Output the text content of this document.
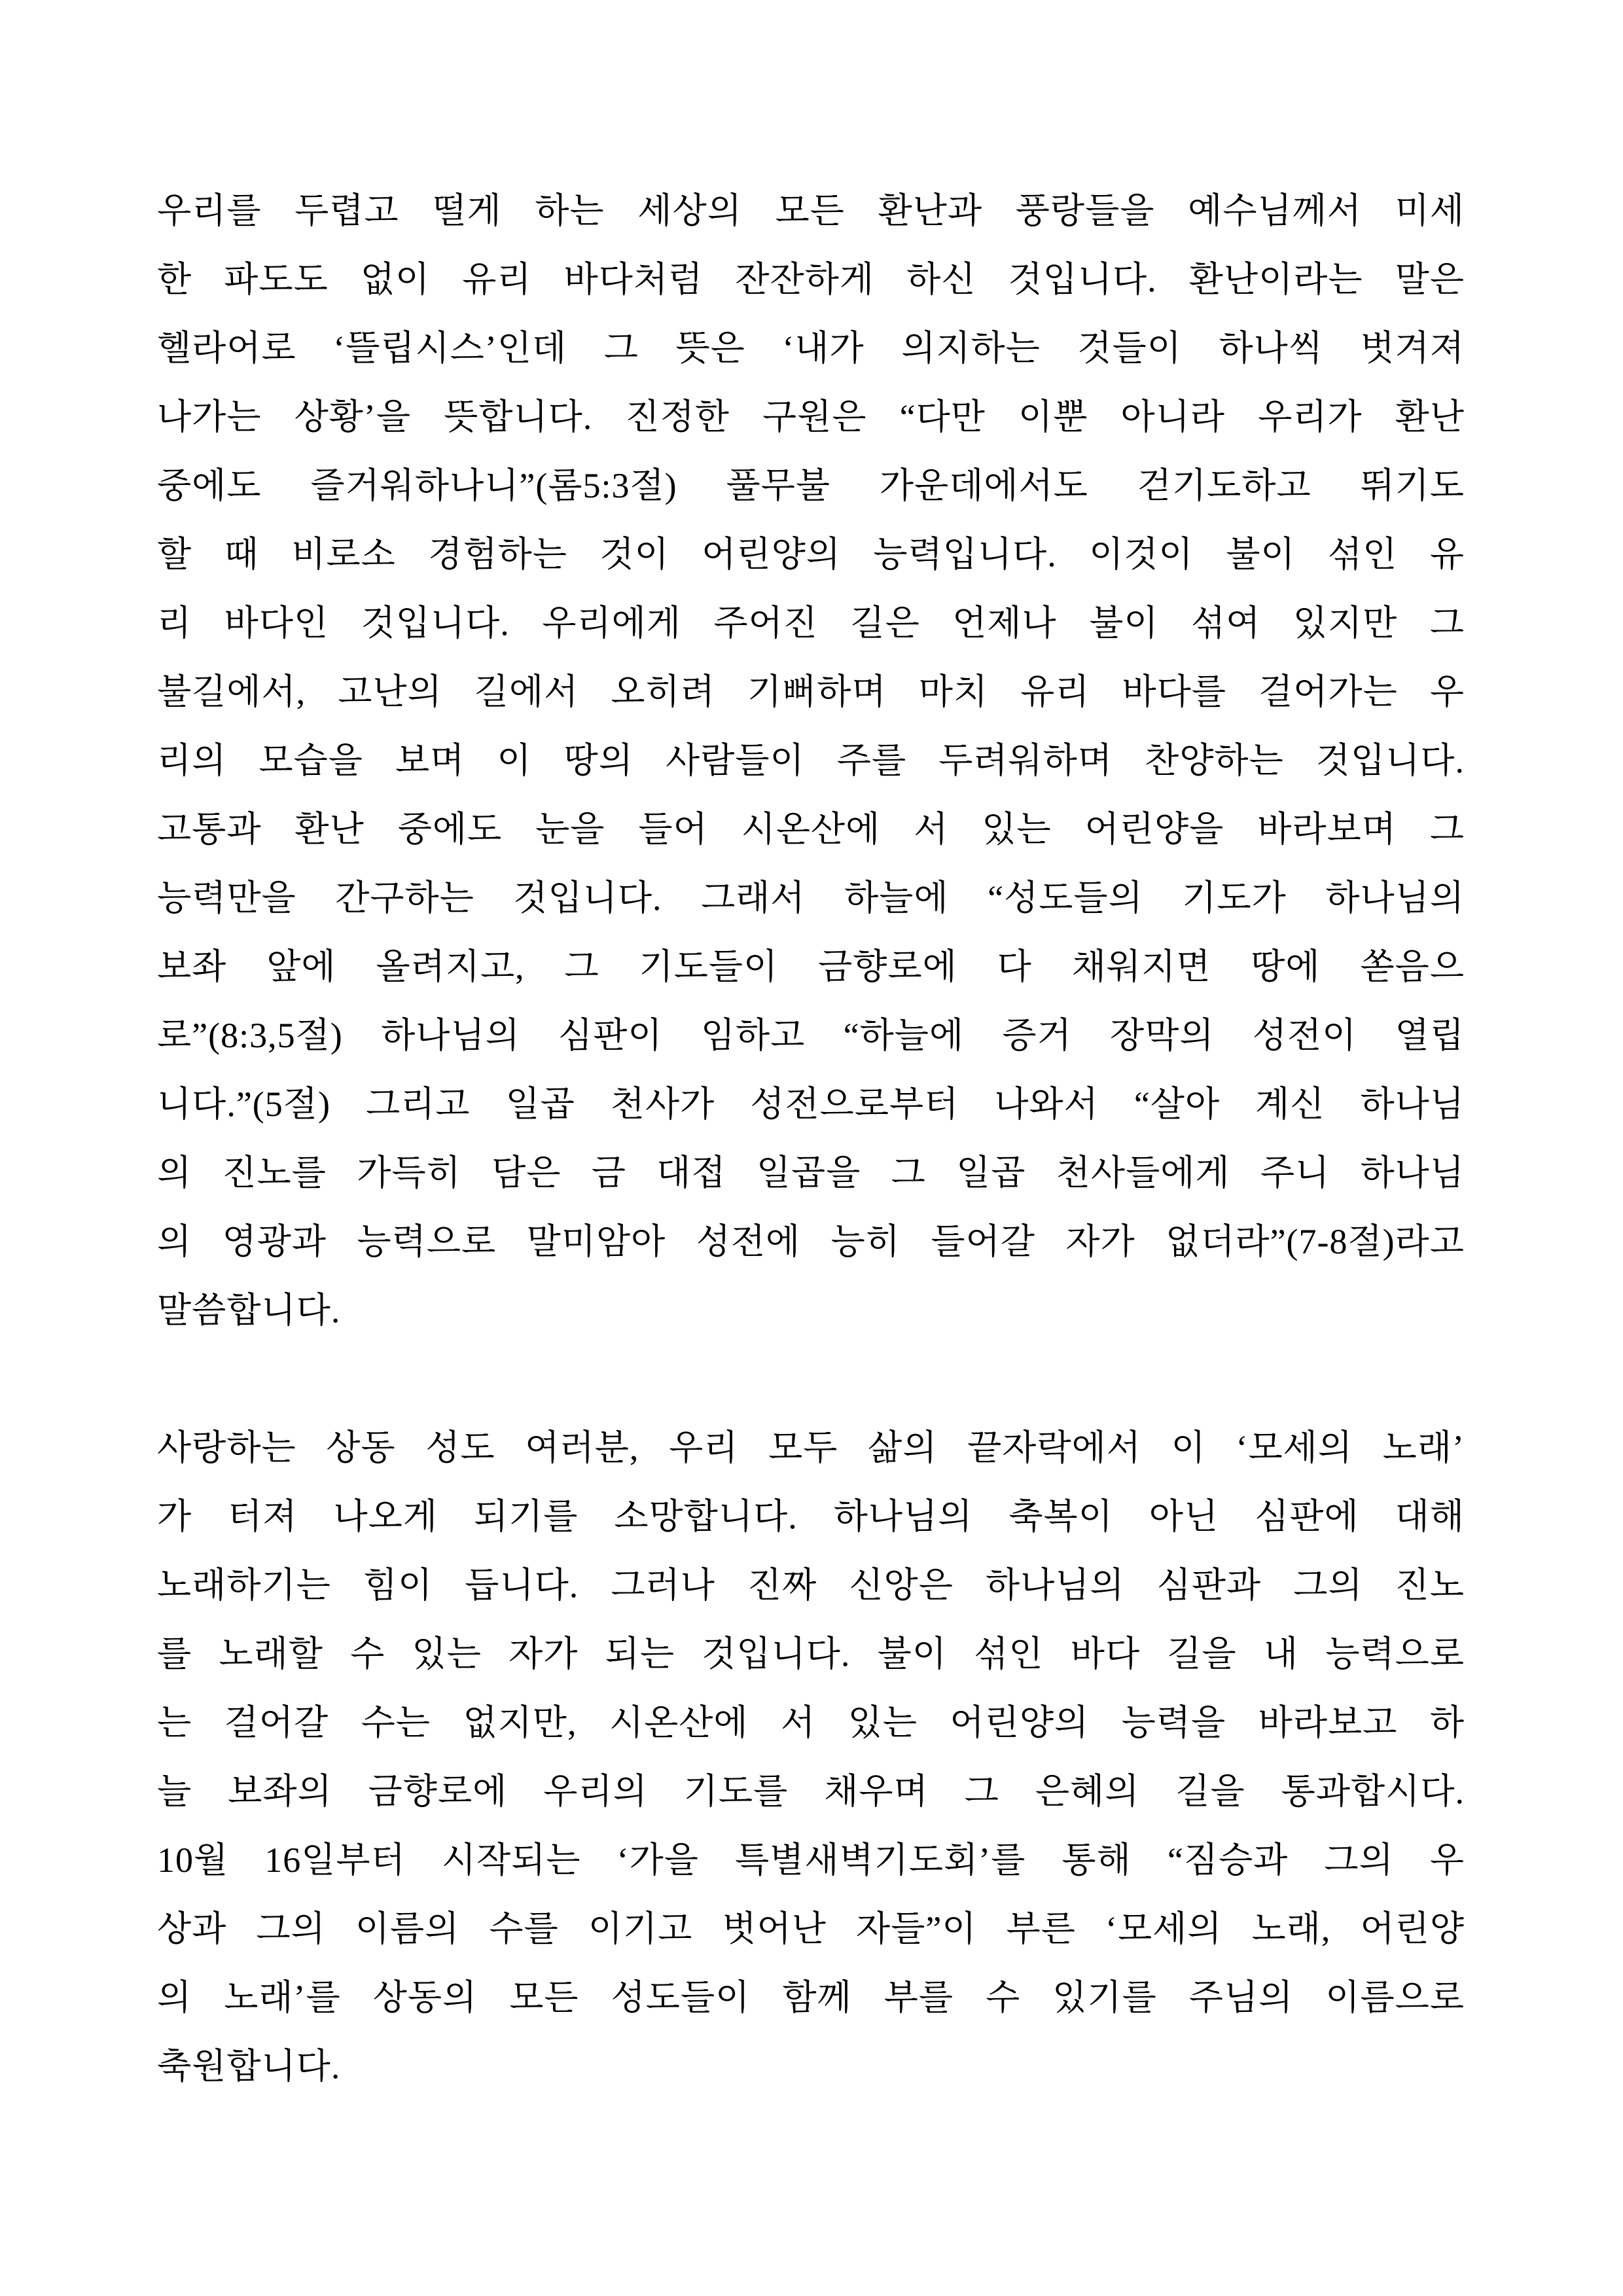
우리를 두렵고 떨게 하는 세상의 모든 환난과 풍랑들을 예수님께서 미세
한 파도도 없이 유리 바다처럼 잔잔하게 하신 것입니다. 환난이라는 말은
헬라어로 ‘뜰립시스’인데 그 뜻은 ‘내가 의지하는 것들이 하나씩 벗겨져
나가는 상황’을 뜻합니다. 진정한 구원은 “다만 이뿐 아니라 우리가 환난
중에도 즐거워하나니”(롬5:3절) 풀무불 가운데에서도 걷기도하고 뛰기도
할 때 비로소 경험하는 것이 어린양의 능력입니다. 이것이 불이 섞인 유
리 바다인 것입니다. 우리에게 주어진 길은 언제나 불이 섞여 있지만 그
불길에서, 고난의 길에서 오히려 기뻐하며 마치 유리 바다를 걸어가는 우
리의 모습을 보며 이 땅의 사람들이 주를 두려워하며 찬양하는 것입니다.
고통과 환난 중에도 눈을 들어 시온산에 서 있는 어린양을 바라보며 그
능력만을 간구하는 것입니다. 그래서 하늘에 “성도들의 기도가 하나님의
보좌 앞에 올려지고, 그 기도들이 금향로에 다 채워지면 땅에 쏟음으
로”(8:3,5절) 하나님의 심판이 임하고 “하늘에 증거 장막의 성전이 열립
니다.”(5절) 그리고 일곱 천사가 성전으로부터 나와서 “살아 계신 하나님
의 진노를 가득히 담은 금 대접 일곱을 그 일곱 천사들에게 주니 하나님
의 영광과 능력으로 말미암아 성전에 능히 들어갈 자가 없더라”(7-8절)라고
말씀합니다.
사랑하는 상동 성도 여러분, 우리 모두 삶의 끝자락에서 이 ‘모세의 노래’
가 터져 나오게 되기를 소망합니다. 하나님의 축복이 아닌 심판에 대해
노래하기는 힘이 듭니다. 그러나 진짜 신앙은 하나님의 심판과 그의 진노
를 노래할 수 있는 자가 되는 것입니다. 불이 섞인 바다 길을 내 능력으로
는 걸어갈 수는 없지만, 시온산에 서 있는 어린양의 능력을 바라보고 하
늘 보좌의 금향로에 우리의 기도를 채우며 그 은혜의 길을 통과합시다.
10월 16일부터 시작되는 ‘가을 특별새벽기도회’를 통해 “짐승과 그의 우
상과 그의 이름의 수를 이기고 벗어난 자들”이 부른 ‘모세의 노래, 어린양
의 노래’를 상동의 모든 성도들이 함께 부를 수 있기를 주님의 이름으로
축원합니다.
